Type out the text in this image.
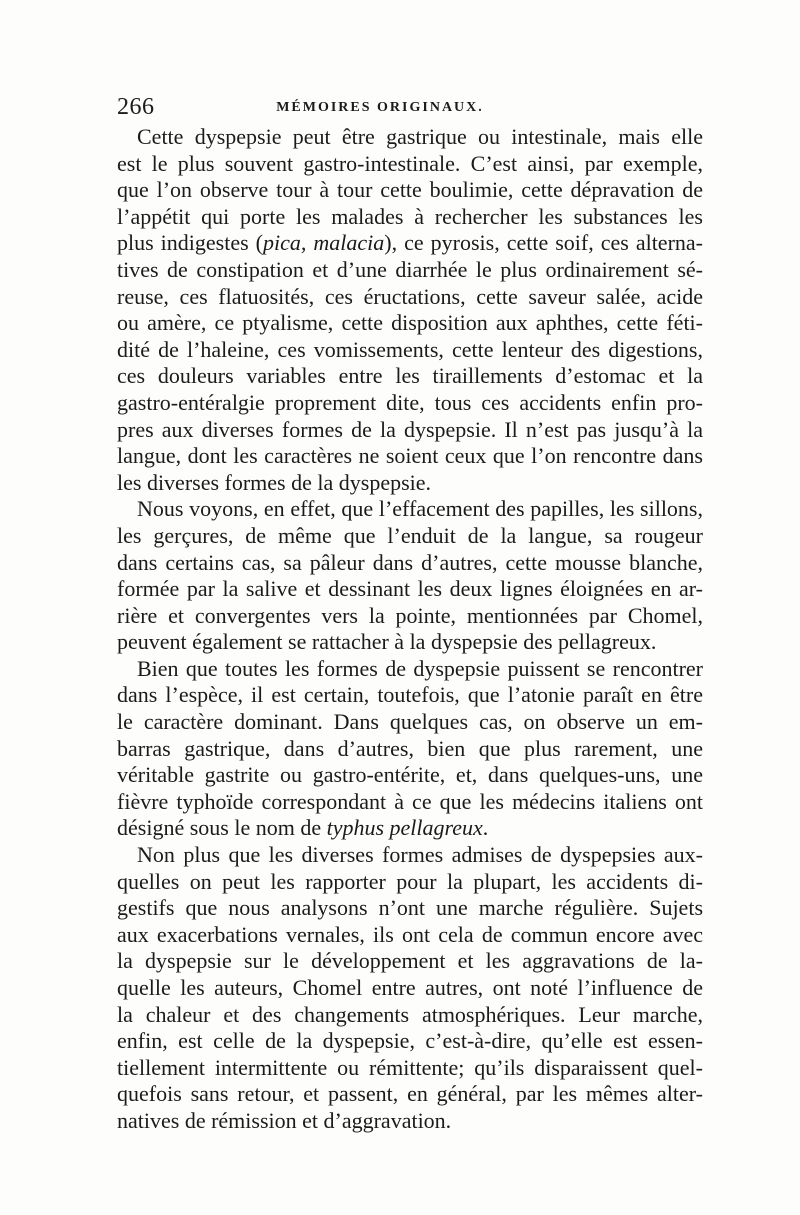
266	MÉMOIRES ORIGINAUX.
Cette dyspepsie peut être gastrique ou intestinale, mais elle
est le plus souvent gastro-intestinale. C’est ainsi, par exemple,
que l’on observe tour à tour cette boulimie, cette dépravation de
l’appétit qui porte les malades à rechercher les substances les
plus indigestes (pica, malacia), ce pyrosis, cette soif, ces alterna-
tives de constipation et d’une diarrhée le plus ordinairement sé-
reuse, ces flatuosités, ces éructations, cette saveur salée, acide
ou amère, ce ptyalisme, cette disposition aux aphthes, cette féti-
dité de l’haleine, ces vomissements, cette lenteur des digestions,
ces douleurs variables entre les tiraillements d’estomac et la
gastro-entéralgie proprement dite, tous ces accidents enfin pro-
pres aux diverses formes de la dyspepsie. Il n’est pas jusqu’à la
langue, dont les caractères ne soient ceux que l’on rencontre dans
les diverses formes de la dyspepsie.
Nous voyons, en effet, que l’effacement des papilles, les sillons,
les gerçures, de même que l’enduit de la langue, sa rougeur
dans certains cas, sa pâleur dans d’autres, cette mousse blanche,
formée par la salive et dessinant les deux lignes éloignées en ar-
rière et convergentes vers la pointe, mentionnées par Chomel,
peuvent également se rattacher à la dyspepsie des pellagreux.
Bien que toutes les formes de dyspepsie puissent se rencontrer
dans l’espèce, il est certain, toutefois, que l’atonie paraît en être
le caractère dominant. Dans quelques cas, on observe un em-
barras gastrique, dans d’autres, bien que plus rarement, une
véritable gastrite ou gastro-entérite, et, dans quelques-uns, une
fièvre typhoïde correspondant à ce que les médecins italiens ont
désigné sous le nom de typhus pellagreux.
Non plus que les diverses formes admises de dyspepsies aux-
quelles on peut les rapporter pour la plupart, les accidents di-
gestifs que nous analysons n’ont une marche régulière. Sujets
aux exacerbations vernales, ils ont cela de commun encore avec
la dyspepsie sur le développement et les aggravations de la-
quelle les auteurs, Chomel entre autres, ont noté l’influence de
la chaleur et des changements atmosphériques. Leur marche,
enfin, est celle de la dyspepsie, c’est-à-dire, qu’elle est essen-
tiellement intermittente ou rémittente; qu’ils disparaissent quel-
quefois sans retour, et passent, en général, par les mêmes alter-
natives de rémission et d’aggravation.
